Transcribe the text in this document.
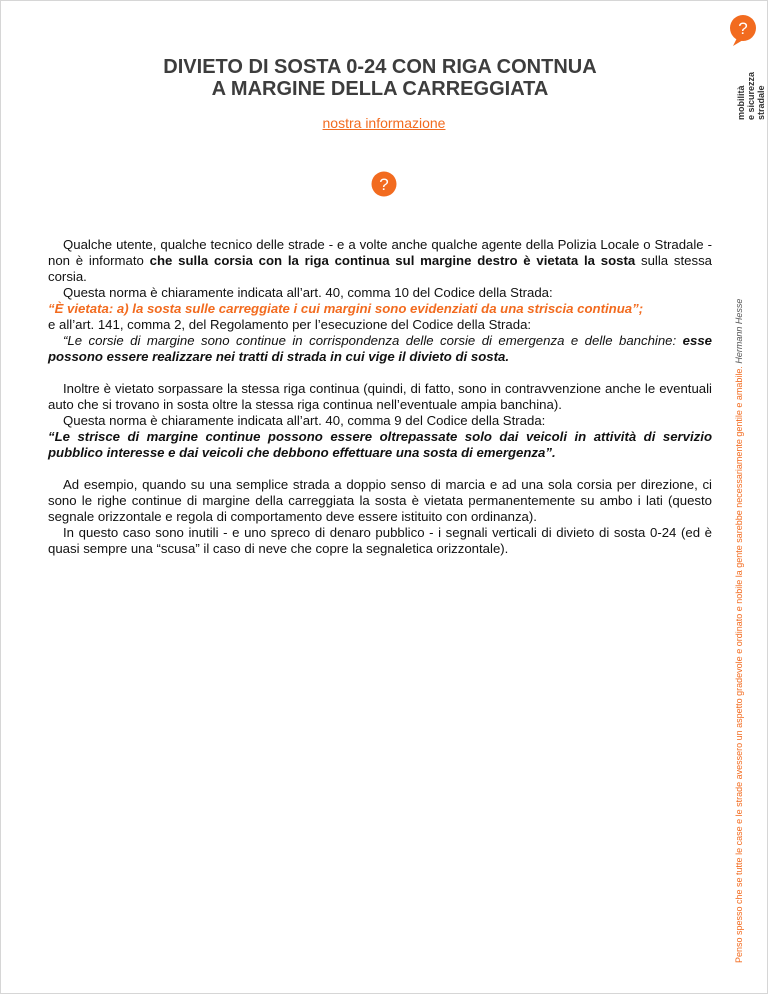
?
mobilità e sicurezza stradale
DIVIETO DI SOSTA 0-24 CON RIGA CONTNUA
A MARGINE DELLA CARREGGIATA
nostra informazione
?

Qualche utente, qualche tecnico delle strade - e a volte anche qualche agente della Polizia Locale o Stradale - non è informato che sulla corsia con la riga continua sul margine destro è vietata la sosta sulla stessa corsia.

Questa norma è chiaramente indicata all’art. 40, comma 10 del Codice della Strada:

“È vietata: a) la sosta sulle carreggiate i cui margini sono evidenziati da una striscia continua”;

e all’art. 141, comma 2, del Regolamento per l’esecuzione del Codice della Strada:

“Le corsie di margine sono continue in corrispondenza delle corsie di emergenza e delle banchine: esse possono essere realizzare nei tratti di strada in cui vige il divieto di sosta.

Inoltre è vietato sorpassare la stessa riga continua (quindi, di fatto, sono in contravvenzione anche le eventuali auto che si trovano in sosta oltre la stessa riga continua nell’eventuale ampia banchina).

Questa norma è chiaramente indicata all’art. 40, comma 9 del Codice della Strada:

“Le strisce di margine continue possono essere oltrepassate solo dai veicoli in attività di servizio pubblico interesse e dai veicoli che debbono effettuare una sosta di emergenza”.

Ad esempio, quando su una semplice strada a doppio senso di marcia e ad una sola corsia per direzione, ci sono le righe continue di margine della carreggiata la sosta è vietata permanentemente su ambo i lati (questo segnale orizzontale e regola di comportamento deve essere istituito con ordinanza).

In questo caso sono inutili - e uno spreco di denaro pubblico - i segnali verticali di divieto di sosta 0-24 (ed è quasi sempre una “scusa” il caso di neve che copre la segnaletica orizzontale).	Penso spesso che se tutte le case e le strade avessero un aspetto gradevole e ordinato e nobile la gente sarebbe necessariamente gentile e amabile. Hermann Hesse
